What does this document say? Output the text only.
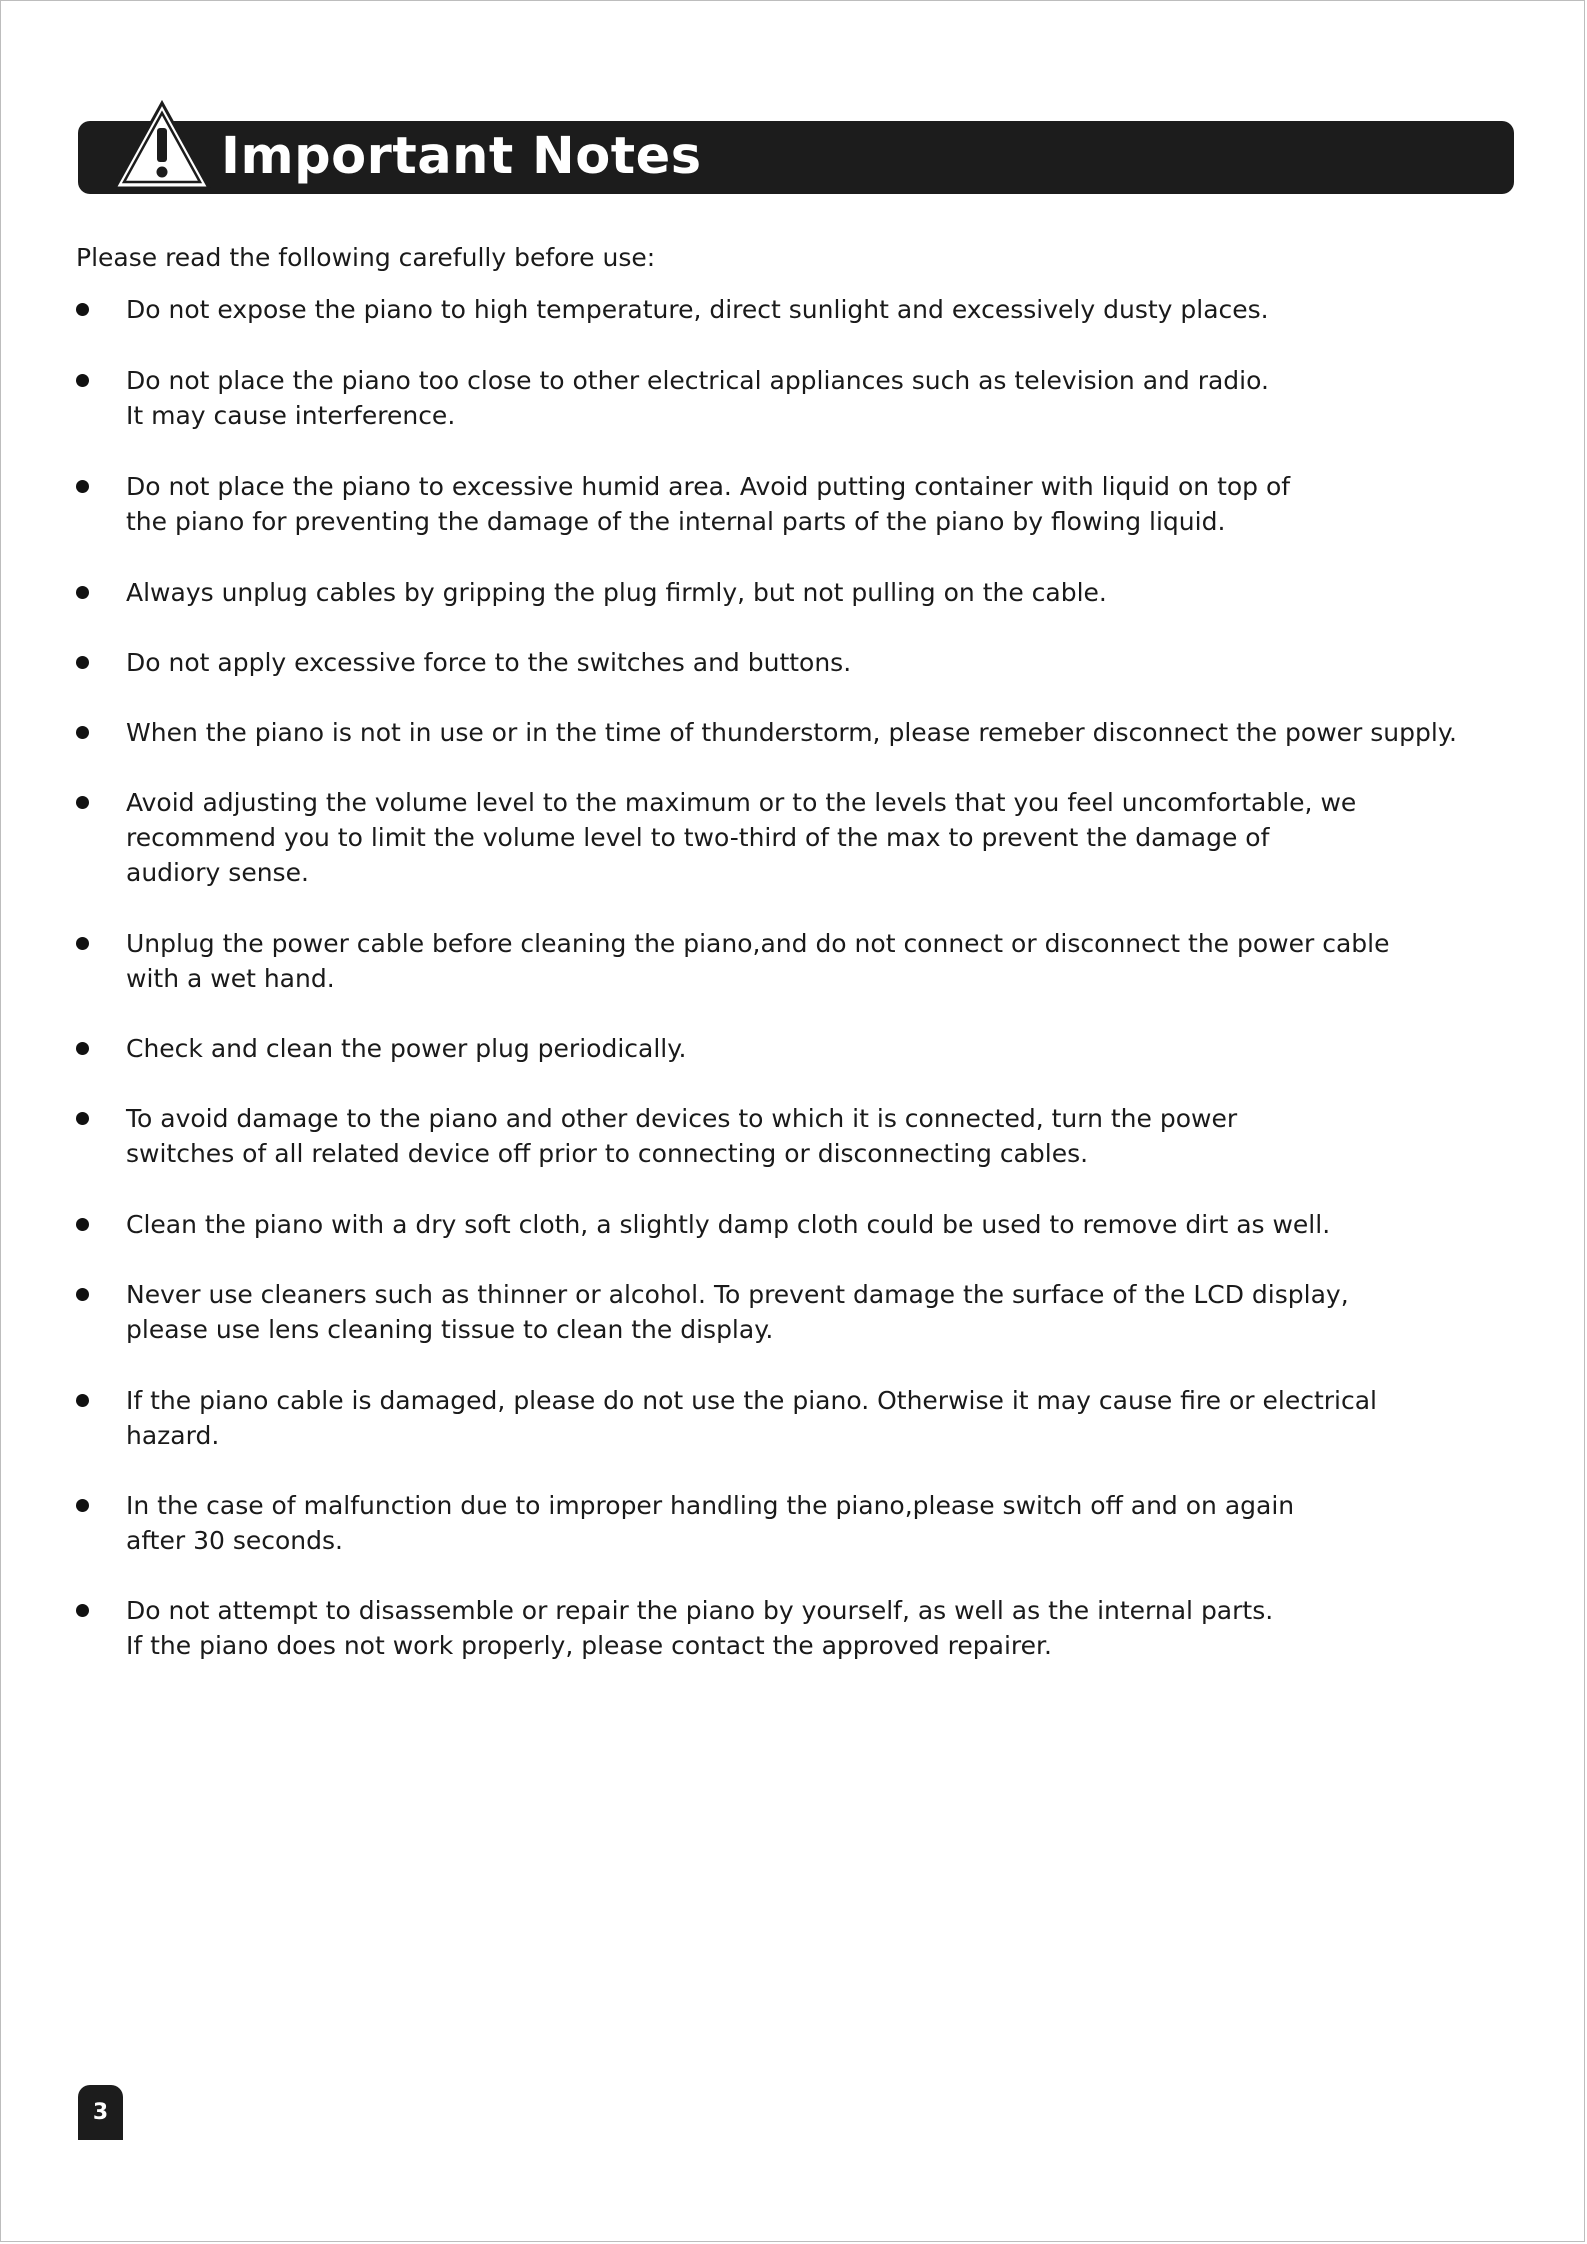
Important Notes
Please read the following carefully before use:
Do not expose the piano to high temperature, direct sunlight and excessively dusty places.
Do not place the piano too close to other electrical appliances such as television and radio.
It may cause interference.
Do not place the piano to excessive humid area. Avoid putting container with liquid on top of
the piano for preventing the damage of the internal parts of the piano by flowing liquid.
Always unplug cables by gripping the plug firmly, but not pulling on the cable.
Do not apply excessive force to the switches and buttons.
When the piano is not in use or in the time of thunderstorm, please remeber disconnect the power supply.
Avoid adjusting the volume level to the maximum or to the levels that you feel uncomfortable, we
recommend you to limit the volume level to two-third of the max to prevent the damage of
audiory sense.
Unplug the power cable before cleaning the piano,and do not connect or disconnect the power cable
with a wet hand.
Check and clean the power plug periodically.
To avoid damage to the piano and other devices to which it is connected, turn the power
switches of all related device off prior to connecting or disconnecting cables.
Clean the piano with a dry soft cloth, a slightly damp cloth could be used to remove dirt as well.
Never use cleaners such as thinner or alcohol. To prevent damage the surface of the LCD display,
please use lens cleaning tissue to clean the display.
If the piano cable is damaged, please do not use the piano. Otherwise it may cause fire or electrical
hazard.
In the case of malfunction due to improper handling the piano,please switch off and on again
after 30 seconds.
Do not attempt to disassemble or repair the piano by yourself, as well as the internal parts.
If the piano does not work properly, please contact the approved repairer.
3
